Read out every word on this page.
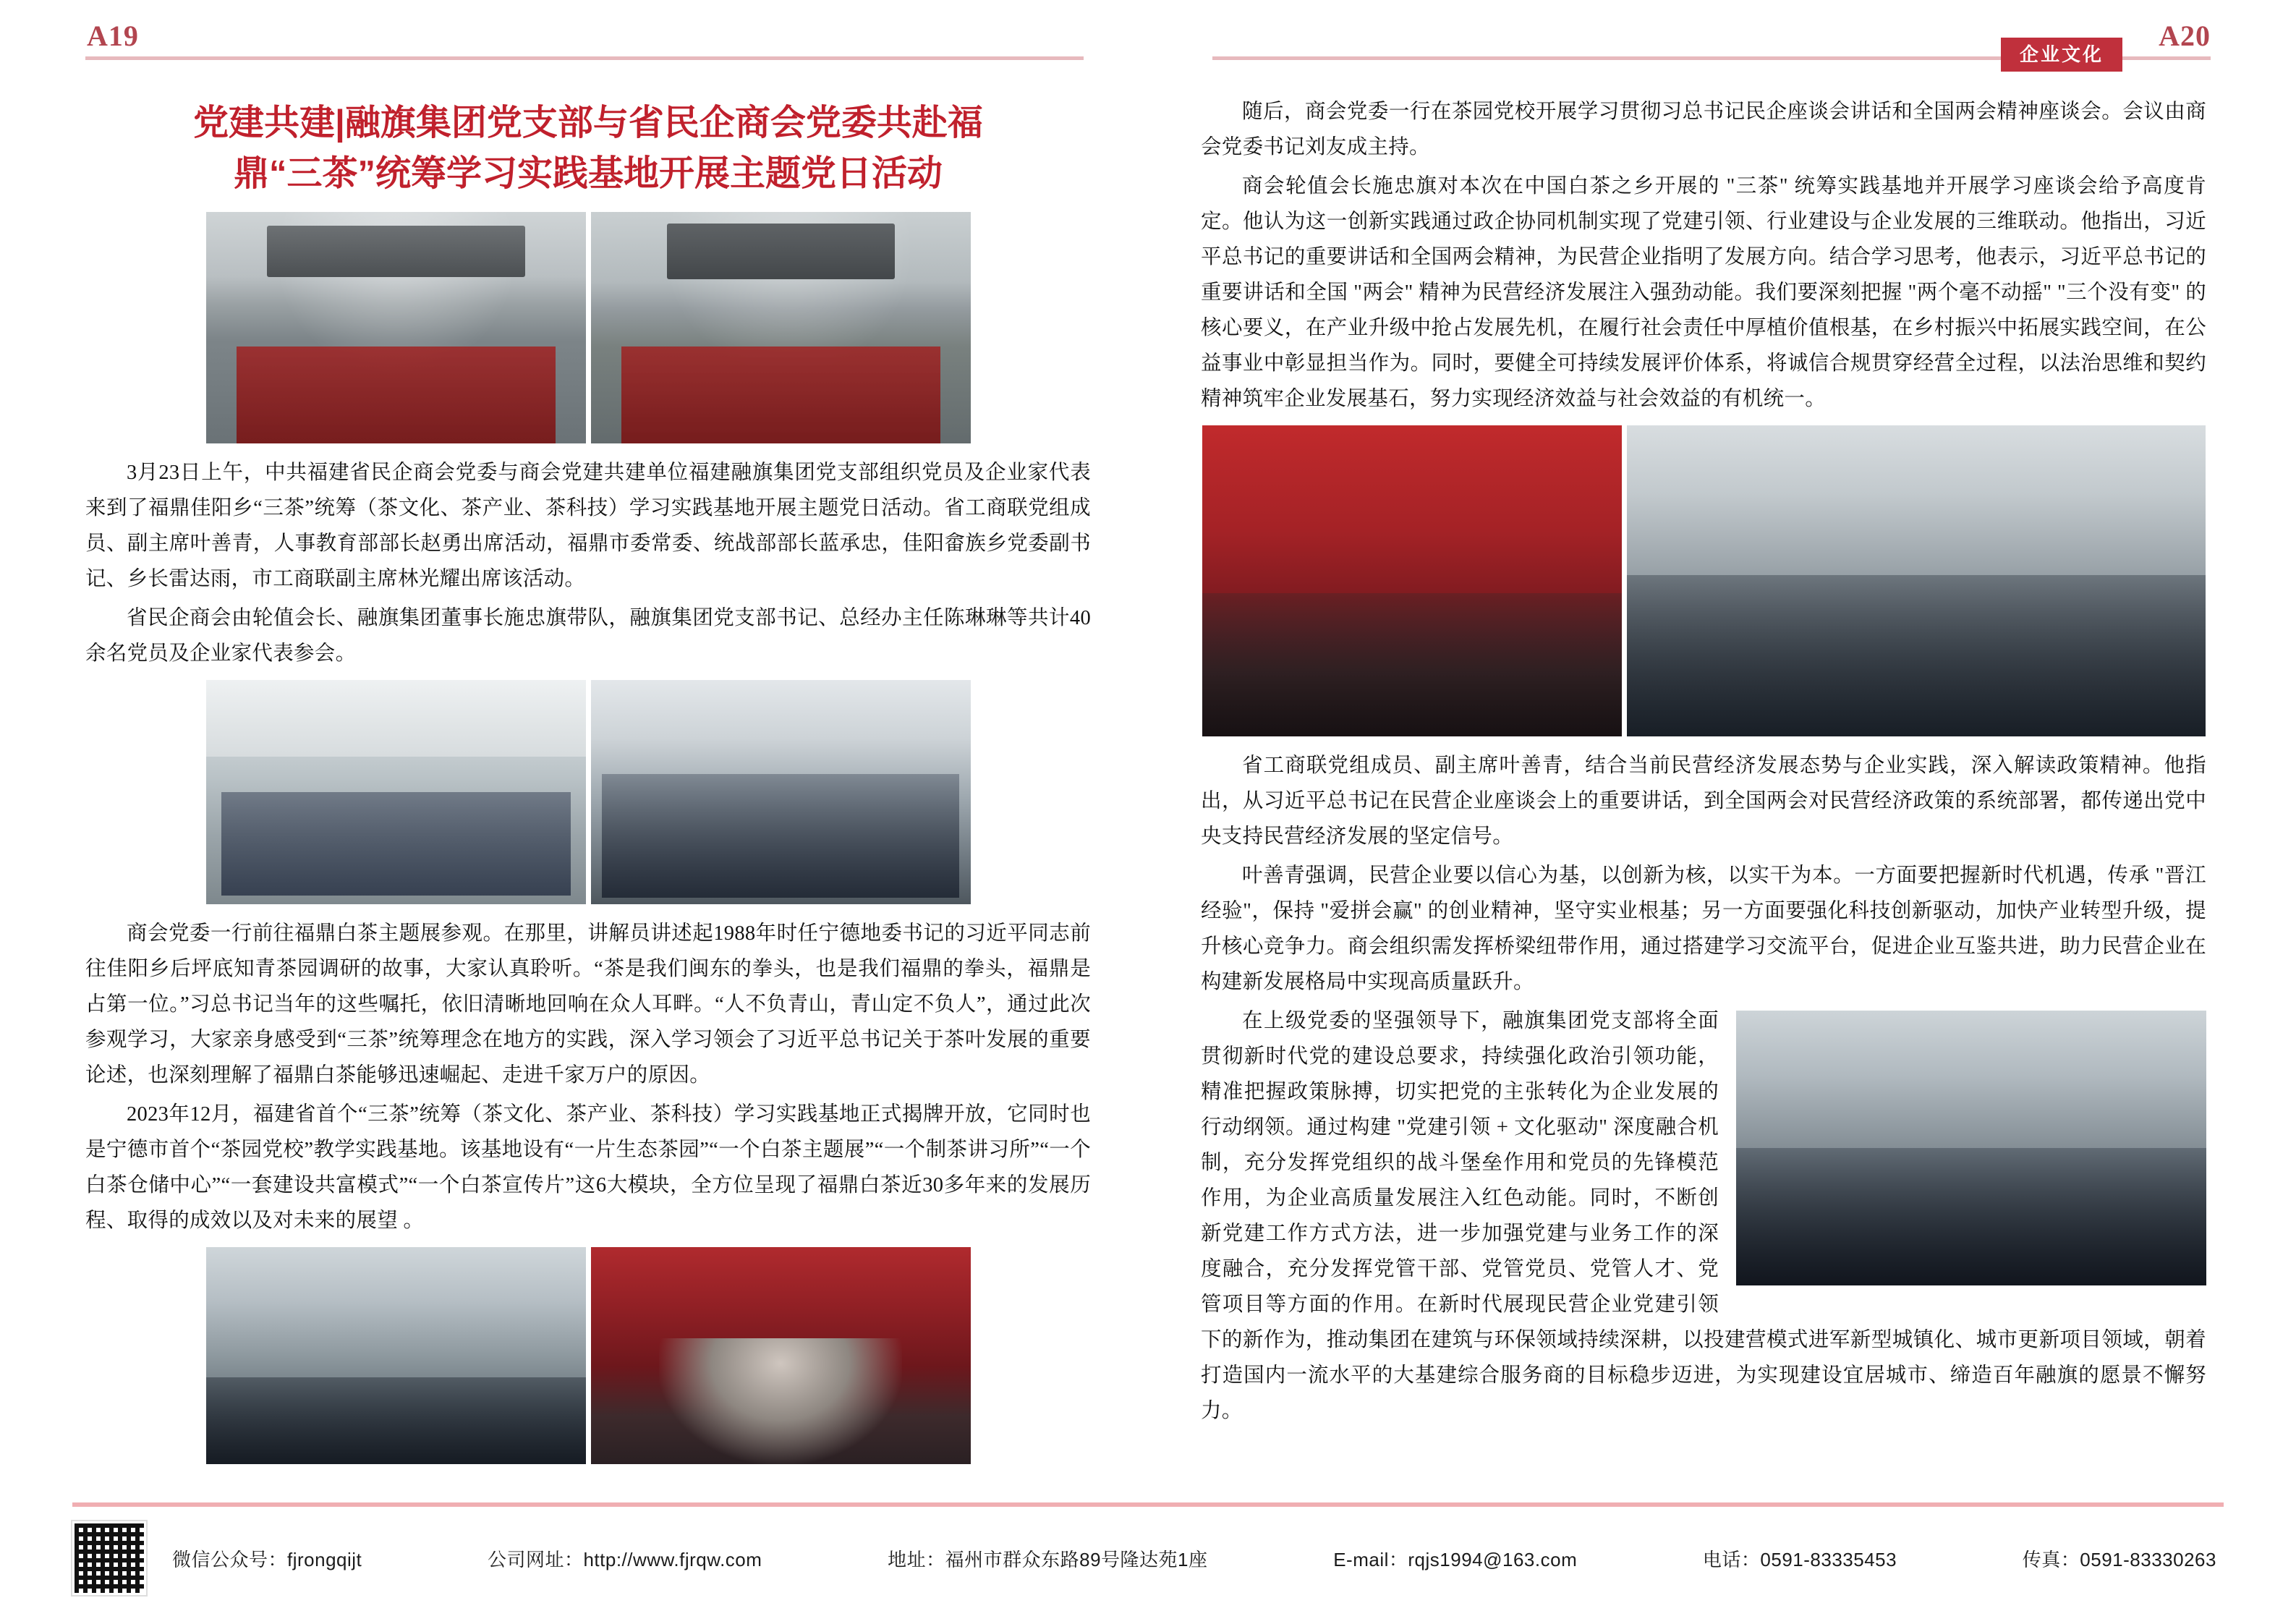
A19	A20
企业文化
党建共建|融旗集团党支部与省民企商会党委共赴福
鼎“三茶”统筹学习实践基地开展主题党日活动

3月23日上午，中共福建省民企商会党委与商会党建共建单位福建融旗集团党支部组织党员及企业家代表来到了福鼎佳阳乡“三茶”统筹（茶文化、茶产业、茶科技）学习实践基地开展主题党日活动。省工商联党组成员、副主席叶善青，人事教育部部长赵勇出席活动，福鼎市委常委、统战部部长蓝承忠，佳阳畲族乡党委副书记、乡长雷达雨，市工商联副主席林光耀出席该活动。

省民企商会由轮值会长、融旗集团董事长施忠旗带队，融旗集团党支部书记、总经办主任陈琳琳等共计40余名党员及企业家代表参会。

商会党委一行前往福鼎白茶主题展参观。在那里，讲解员讲述起1988年时任宁德地委书记的习近平同志前往佳阳乡后坪底知青茶园调研的故事，大家认真聆听。“茶是我们闽东的拳头，也是我们福鼎的拳头，福鼎是占第一位。”习总书记当年的这些嘱托，依旧清晰地回响在众人耳畔。“人不负青山，青山定不负人”，通过此次参观学习，大家亲身感受到“三茶”统筹理念在地方的实践，深入学习领会了习近平总书记关于茶叶发展的重要论述，也深刻理解了福鼎白茶能够迅速崛起、走进千家万户的原因。

2023年12月，福建省首个“三茶”统筹（茶文化、茶产业、茶科技）学习实践基地正式揭牌开放，它同时也是宁德市首个“茶园党校”教学实践基地。该基地设有“一片生态茶园”“一个白茶主题展”“一个制茶讲习所”“一个白茶仓储中心”“一套建设共富模式”“一个白茶宣传片”这6大模块，全方位呈现了福鼎白茶近30多年来的发展历程、取得的成效以及对未来的展望 。

随后，商会党委一行在茶园党校开展学习贯彻习总书记民企座谈会讲话和全国两会精神座谈会。会议由商会党委书记刘友成主持。

商会轮值会长施忠旗对本次在中国白茶之乡开展的 "三茶" 统筹实践基地并开展学习座谈会给予高度肯定。他认为这一创新实践通过政企协同机制实现了党建引领、行业建设与企业发展的三维联动。他指出，习近平总书记的重要讲话和全国两会精神，为民营企业指明了发展方向。结合学习思考，他表示，习近平总书记的重要讲话和全国 "两会" 精神为民营经济发展注入强劲动能。我们要深刻把握 "两个毫不动摇" "三个没有变" 的核心要义，在产业升级中抢占发展先机，在履行社会责任中厚植价值根基，在乡村振兴中拓展实践空间，在公益事业中彰显担当作为。同时，要健全可持续发展评价体系，将诚信合规贯穿经营全过程，以法治思维和契约精神筑牢企业发展基石，努力实现经济效益与社会效益的有机统一。

省工商联党组成员、副主席叶善青，结合当前民营经济发展态势与企业实践，深入解读政策精神。他指出，从习近平总书记在民营企业座谈会上的重要讲话，到全国两会对民营经济政策的系统部署，都传递出党中央支持民营经济发展的坚定信号。

叶善青强调，民营企业要以信心为基，以创新为核，以实干为本。一方面要把握新时代机遇，传承 "晋江经验"，保持 "爱拼会赢" 的创业精神，坚守实业根基；另一方面要强化科技创新驱动，加快产业转型升级，提升核心竞争力。商会组织需发挥桥梁纽带作用，通过搭建学习交流平台，促进企业互鉴共进，助力民营企业在构建新发展格局中实现高质量跃升。

在上级党委的坚强领导下，融旗集团党支部将全面贯彻新时代党的建设总要求，持续强化政治引领功能，精准把握政策脉搏，切实把党的主张转化为企业发展的行动纲领。通过构建 "党建引领 + 文化驱动" 深度融合机制，充分发挥党组织的战斗堡垒作用和党员的先锋模范作用，为企业高质量发展注入红色动能。同时，不断创新党建工作方式方法，进一步加强党建与业务工作的深度融合，充分发挥党管干部、党管党员、党管人才、党管项目等方面的作用。在新时代展现民营企业党建引领下的新作为，推动集团在建筑与环保领域持续深耕，以投建营模式进军新型城镇化、城市更新项目领域，朝着打造国内一流水平的大基建综合服务商的目标稳步迈进，为实现建设宜居城市、缔造百年融旗的愿景不懈努力。

微信公众号：fjrongqijt	公司网址：http://www.fjrqw.com	地址：福州市群众东路89号隆达苑1座	E-mail：rqjs1994@163.com	电话：0591-83335453	传真：0591-83330263
